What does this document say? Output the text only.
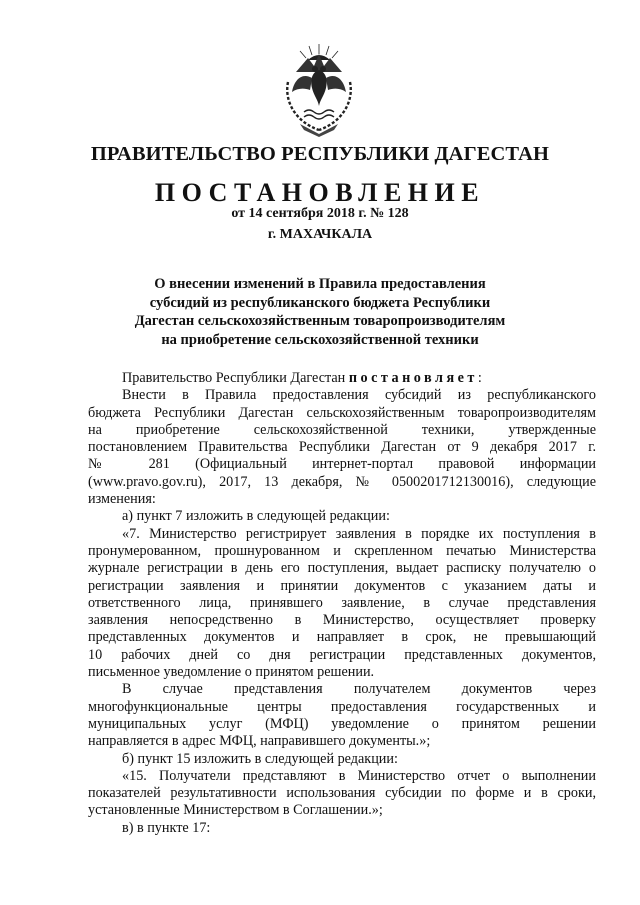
ПРАВИТЕЛЬСТВО РЕСПУБЛИКИ ДАГЕСТАН
ПОСТАНОВЛЕНИЕ
от 14 сентября 2018 г. № 128
г. МАХАЧКАЛА
О внесении изменений в Правила предоставления
субсидий из республиканского бюджета Республики
Дагестан сельскохозяйственным товаропроизводителям
на приобретение сельскохозяйственной техники
Правительство Республики Дагестан постановляет:
Внести в Правила предоставления субсидий из республиканского
бюджета Республики Дагестан сельскохозяйственным товаропроизводителям
на приобретение сельскохозяйственной техники, утвержденные
постановлением Правительства Республики Дагестан от 9 декабря 2017 г.
№ 281 (Официальный интернет-портал правовой информации
(www.pravo.gov.ru), 2017, 13 декабря, № 0500201712130016), следующие
изменения:
а) пункт 7 изложить в следующей редакции:
«7. Министерство регистрирует заявления в порядке их поступления в
пронумерованном, прошнурованном и скрепленном печатью Министерства
журнале регистрации в день его поступления, выдает расписку получателю о
регистрации заявления и принятии документов с указанием даты и
ответственного лица, принявшего заявление, в случае представления
заявления непосредственно в Министерство, осуществляет проверку
представленных документов и направляет в срок, не превышающий
10 рабочих дней со дня регистрации представленных документов,
письменное уведомление о принятом решении.
В случае представления получателем документов через
многофункциональные центры предоставления государственных и
муниципальных услуг (МФЦ) уведомление о принятом решении
направляется в адрес МФЦ, направившего документы.»;
б) пункт 15 изложить в следующей редакции:
«15. Получатели представляют в Министерство отчет о выполнении
показателей результативности использования субсидии по форме и в сроки,
установленные Министерством в Соглашении.»;
в) в пункте 17:
